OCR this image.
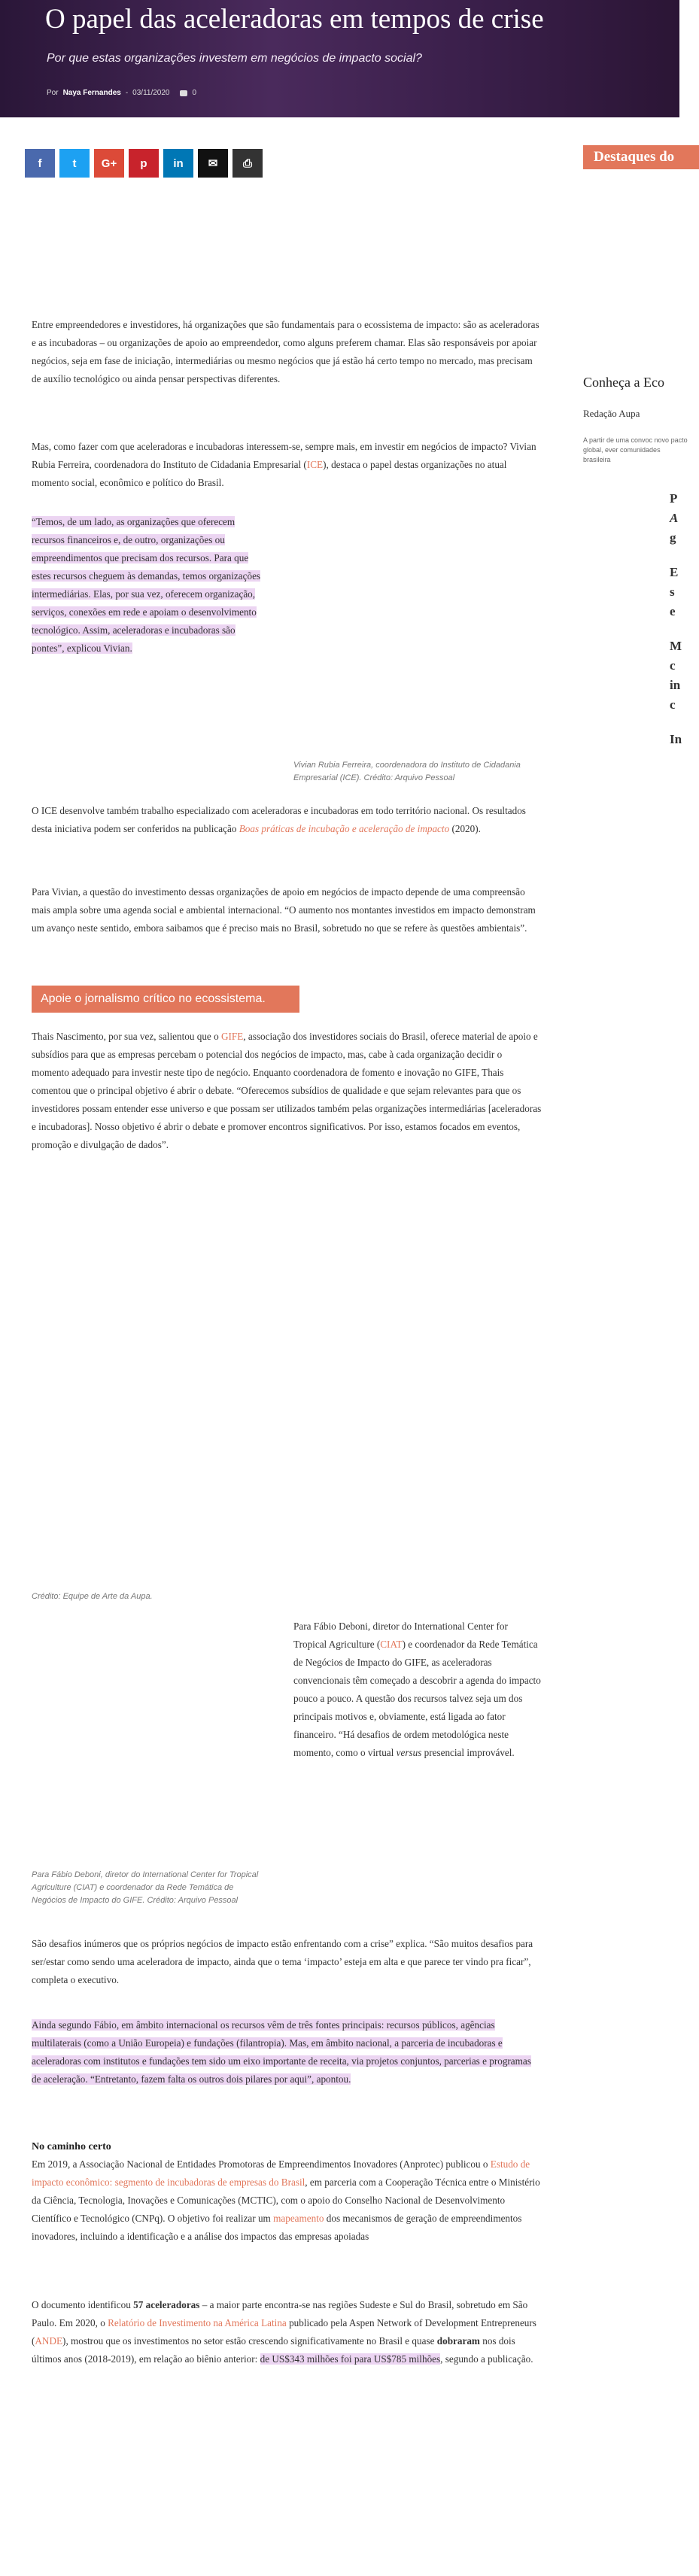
O papel das aceleradoras em tempos de crise
Por que estas organizações investem em negócios de impacto social?
Por Naya Fernandes - 03/11/2020	0
f	t G+ p in ✉ ⎙	Destaques do
Conheça a Eco
Redação Aupa
A partir de uma convoc novo pacto global, ever comunidades brasileira
P
A
g
E
s
e
M
c
in
c
In
Entre empreendedores e investidores, há organizações que são fundamentais para o ecossistema de impacto: são as aceleradoras e as incubadoras – ou organizações de apoio ao empreendedor, como alguns preferem chamar. Elas são responsáveis por apoiar negócios, seja em fase de iniciação, intermediárias ou mesmo negócios que já estão há certo tempo no mercado, mas precisam de auxílio tecnológico ou ainda pensar perspectivas diferentes.
Mas, como fazer com que aceleradoras e incubadoras interessem-se, sempre mais, em investir em negócios de impacto? Vivian Rubia Ferreira, coordenadora do Instituto de Cidadania Empresarial (ICE), destaca o papel destas organizações no atual momento social, econômico e político do Brasil.
“Temos, de um lado, as organizações que oferecem recursos financeiros e, de outro, organizações ou empreendimentos que precisam dos recursos. Para que estes recursos cheguem às demandas, temos organizações intermediárias. Elas, por sua vez, oferecem organização, serviços, conexões em rede e apoiam o desenvolvimento tecnológico. Assim, aceleradoras e incubadoras são pontes”, explicou Vivian.
Vivian Rubia Ferreira, coordenadora do Instituto de Cidadania Empresarial (ICE). Crédito: Arquivo Pessoal
O ICE desenvolve também trabalho especializado com aceleradoras e incubadoras em todo território nacional. Os resultados desta iniciativa podem ser conferidos na publicação Boas práticas de incubação e aceleração de impacto (2020).
Para Vivian, a questão do investimento dessas organizações de apoio em negócios de impacto depende de uma compreensão mais ampla sobre uma agenda social e ambiental internacional. “O aumento nos montantes investidos em impacto demonstram um avanço neste sentido, embora saibamos que é preciso mais no Brasil, sobretudo no que se refere às questões ambientais”.
Apoie o jornalismo crítico no ecossistema.
Thais Nascimento, por sua vez, salientou que o GIFE, associação dos investidores sociais do Brasil, oferece material de apoio e subsídios para que as empresas percebam o potencial dos negócios de impacto, mas, cabe à cada organização decidir o momento adequado para investir neste tipo de negócio. Enquanto coordenadora de fomento e inovação no GIFE, Thais comentou que o principal objetivo é abrir o debate. “Oferecemos subsídios de qualidade e que sejam relevantes para que os investidores possam entender esse universo e que possam ser utilizados também pelas organizações intermediárias [aceleradoras e incubadoras]. Nosso objetivo é abrir o debate e promover encontros significativos. Por isso, estamos focados em eventos, promoção e divulgação de dados”.
Crédito: Equipe de Arte da Aupa.
Para Fábio Deboni, diretor do International Center for Tropical Agriculture (CIAT) e coordenador da Rede Temática de Negócios de Impacto do GIFE, as aceleradoras convencionais têm começado a descobrir a agenda do impacto pouco a pouco. A questão dos recursos talvez seja um dos principais motivos e, obviamente, está ligada ao fator financeiro. “Há desafios de ordem metodológica neste momento, como o virtual versus presencial improvável.
Para Fábio Deboni, diretor do International Center for Tropical Agriculture (CIAT) e coordenador da Rede Temática de Negócios de Impacto do GIFE. Crédito: Arquivo Pessoal
São desafios inúmeros que os próprios negócios de impacto estão enfrentando com a crise” explica. “São muitos desafios para ser/estar como sendo uma aceleradora de impacto, ainda que o tema ‘impacto’ esteja em alta e que parece ter vindo pra ficar”, completa o executivo.
Ainda segundo Fábio, em âmbito internacional os recursos vêm de três fontes principais: recursos públicos, agências multilaterais (como a União Europeia) e fundações (filantropia). Mas, em âmbito nacional, a parceria de incubadoras e aceleradoras com institutos e fundações tem sido um eixo importante de receita, via projetos conjuntos, parcerias e programas de aceleração. “Entretanto, fazem falta os outros dois pilares por aqui”, apontou.
No caminho certo
Em 2019, a Associação Nacional de Entidades Promotoras de Empreendimentos Inovadores (Anprotec) publicou o Estudo de impacto econômico: segmento de incubadoras de empresas do Brasil, em parceria com a Cooperação Técnica entre o Ministério da Ciência, Tecnologia, Inovações e Comunicações (MCTIC), com o apoio do Conselho Nacional de Desenvolvimento Científico e Tecnológico (CNPq). O objetivo foi realizar um mapeamento dos mecanismos de geração de empreendimentos inovadores, incluindo a identificação e a análise dos impactos das empresas apoiadas
O documento identificou 57 aceleradoras – a maior parte encontra-se nas regiões Sudeste e Sul do Brasil, sobretudo em São Paulo. Em 2020, o Relatório de Investimento na América Latina publicado pela Aspen Network of Development Entrepreneurs (ANDE), mostrou que os investimentos no setor estão crescendo significativamente no Brasil e quase dobraram nos dois últimos anos (2018-2019), em relação ao biênio anterior: de US$343 milhões foi para US$785 milhões, segundo a publicação.
